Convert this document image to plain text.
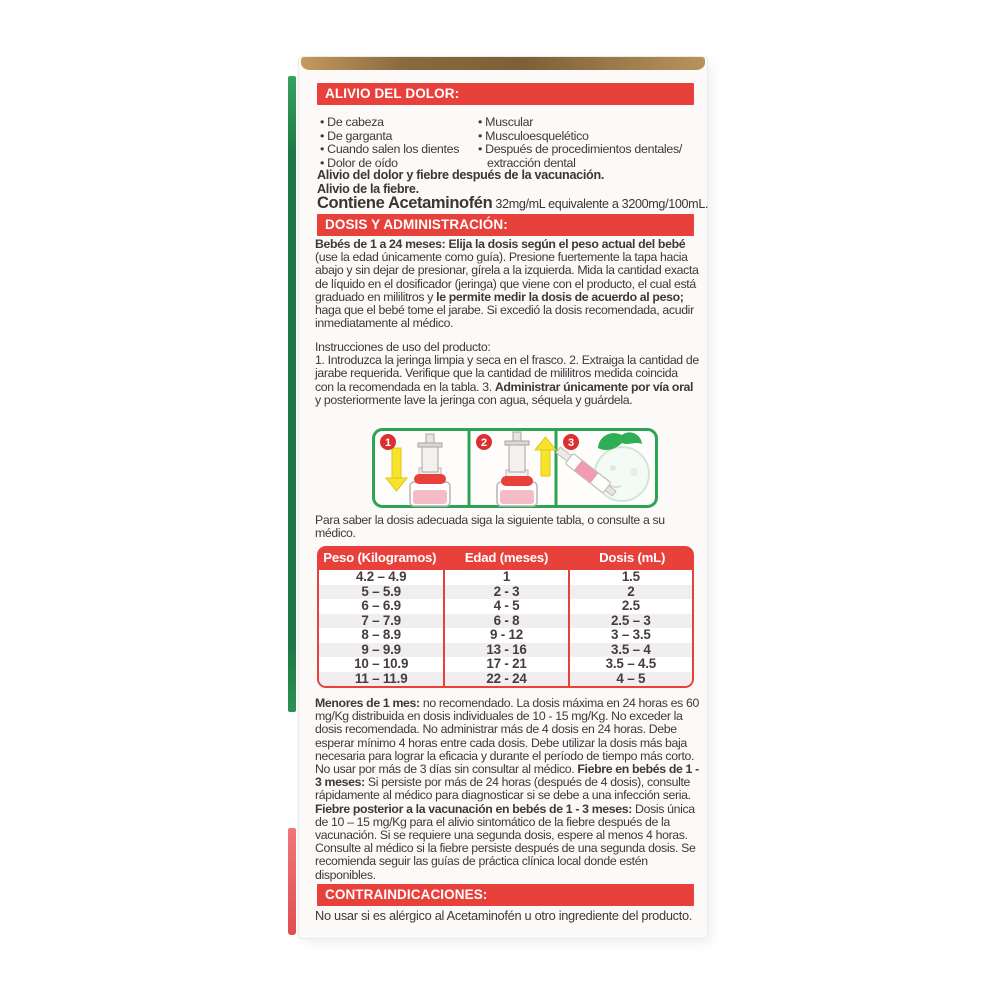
ALIVIO DEL DOLOR:
• De cabeza
• De garganta
• Cuando salen los dientes
• Dolor de oído
• Muscular
• Musculoesquelético
• Después de procedimientos dentales/ extracción dental
Alivio del dolor y fiebre después de la vacunación.
Alivio de la fiebre.
Contiene Acetaminofén 32mg/mL equivalente a 3200mg/100mL.
DOSIS Y ADMINISTRACIÓN:
Bebés de 1 a 24 meses: Elija la dosis según el peso actual del bebé (use la edad únicamente como guía). Presione fuertemente la tapa hacia abajo y sin dejar de presionar, gírela a la izquierda. Mida la cantidad exacta de líquido en el dosificador (jeringa) que viene con el producto, el cual está graduado en mililitros y le permite medir la dosis de acuerdo al peso; haga que el bebé tome el jarabe. Si excedió la dosis recomendada, acudir inmediatamente al médico.
Instrucciones de uso del producto:
1. Introduzca la jeringa limpia y seca en el frasco. 2. Extraiga la cantidad de jarabe requerida. Verifique que la cantidad de mililitros medida coincida con la recomendada en la tabla. 3. Administrar únicamente por vía oral y posteriormente lave la jeringa con agua, séquela y guárdela.
1	2	3
Para saber la dosis adecuada siga la siguiente tabla, o consulte a su médico.
Peso (Kilogramos)	Edad (meses)	Dosis (mL)
4.2 – 4.9	1	1.5
5 – 5.9	2 - 3	2
6 – 6.9	4 - 5	2.5
7 – 7.9	6 - 8	2.5 – 3
8 – 8.9	9 - 12	3 – 3.5
9 – 9.9	13 - 16	3.5 – 4
10 – 10.9	17 - 21	3.5 – 4.5
11 – 11.9	22 - 24	4 – 5
Menores de 1 mes: no recomendado. La dosis máxima en 24 horas es 60 mg/Kg distribuida en dosis individuales de 10 - 15 mg/Kg. No exceder la dosis recomendada. No administrar más de 4 dosis en 24 horas. Debe esperar mínimo 4 horas entre cada dosis. Debe utilizar la dosis más baja necesaria para lograr la eficacia y durante el período de tiempo más corto. No usar por más de 3 días sin consultar al médico. Fiebre en bebés de 1 - 3 meses: Si persiste por más de 24 horas (después de 4 dosis), consulte rápidamente al médico para diagnosticar si se debe a una infección seria. Fiebre posterior a la vacunación en bebés de 1 - 3 meses: Dosis única de 10 – 15 mg/Kg para el alivio sintomático de la fiebre después de la vacunación. Si se requiere una segunda dosis, espere al menos 4 horas. Consulte al médico si la fiebre persiste después de una segunda dosis. Se recomienda seguir las guías de práctica clínica local donde estén disponibles.
CONTRAINDICACIONES:
No usar si es alérgico al Acetaminofén u otro ingrediente del producto.
